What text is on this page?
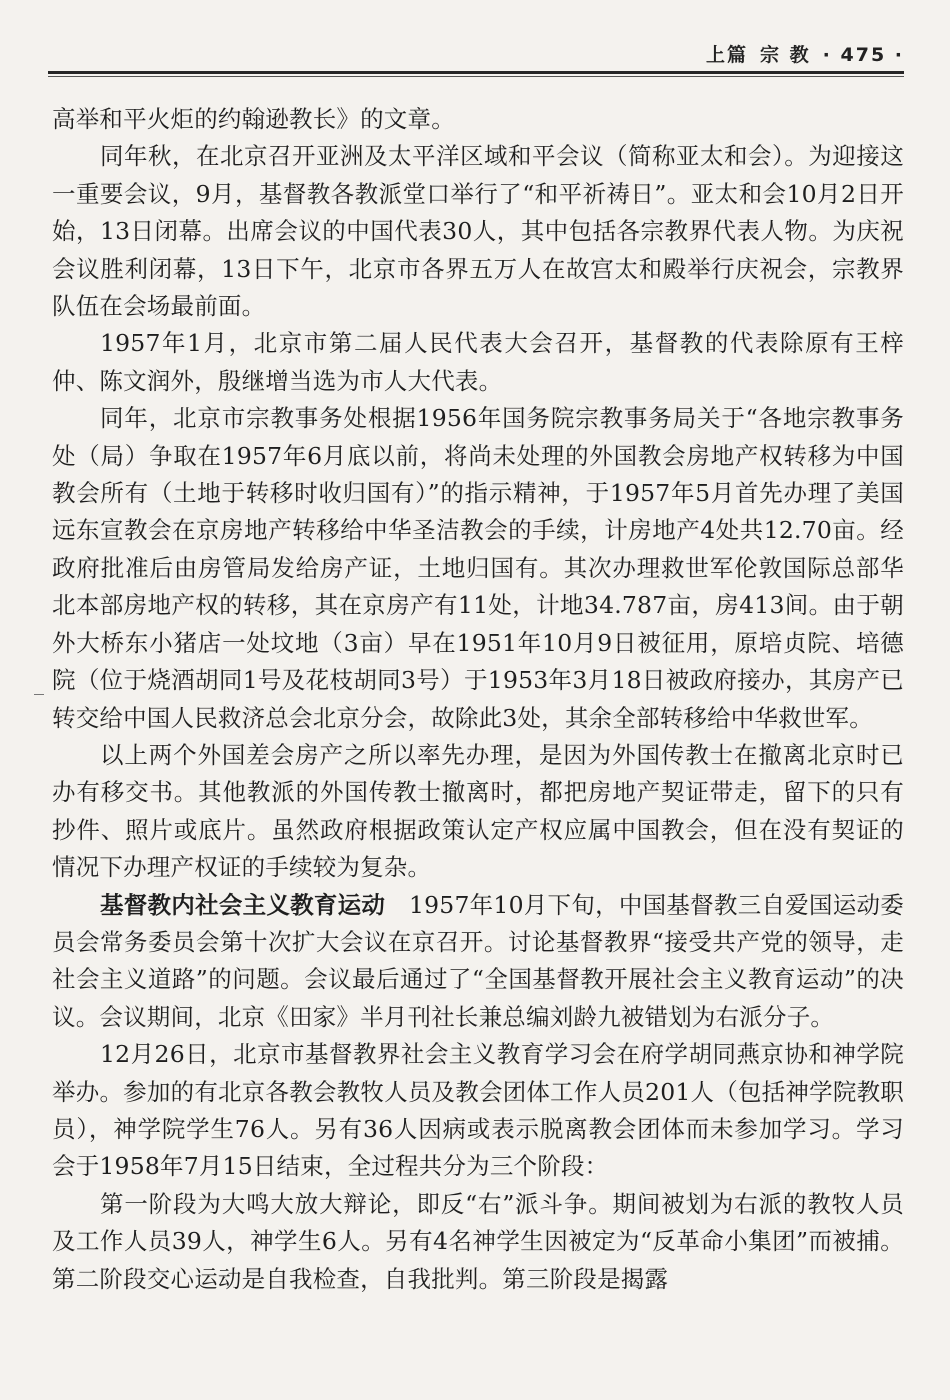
上篇 宗 教 · 475 ·

高举和平火炬的约翰逊教长》的文章。

同年秋，在北京召开亚洲及太平洋区域和平会议（简称亚太和会）。为迎接这一重要会议，9月，基督教各教派堂口举行了“和平祈祷日”。亚太和会10月2日开始，13日闭幕。出席会议的中国代表30人，其中包括各宗教界代表人物。为庆祝会议胜利闭幕，13日下午，北京市各界五万人在故宫太和殿举行庆祝会，宗教界队伍在会场最前面。

1957年1月，北京市第二届人民代表大会召开，基督教的代表除原有王梓仲、陈文润外，殷继增当选为市人大代表。

同年，北京市宗教事务处根据1956年国务院宗教事务局关于“各地宗教事务处（局）争取在1957年6月底以前，将尚未处理的外国教会房地产权转移为中国教会所有（土地于转移时收归国有）”的指示精神，于1957年5月首先办理了美国远东宣教会在京房地产转移给中华圣洁教会的手续，计房地产4处共12.70亩。经政府批准后由房管局发给房产证，土地归国有。其次办理救世军伦敦国际总部华北本部房地产权的转移，其在京房产有11处，计地34.787亩，房413间。由于朝外大桥东小猪店一处坟地（3亩）早在1951年10月9日被征用，原培贞院、培德院（位于烧酒胡同1号及花枝胡同3号）于1953年3月18日被政府接办，其房产已转交给中国人民救济总会北京分会，故除此3处，其余全部转移给中华救世军。

以上两个外国差会房产之所以率先办理，是因为外国传教士在撤离北京时已办有移交书。其他教派的外国传教士撤离时，都把房地产契证带走，留下的只有抄件、照片或底片。虽然政府根据政策认定产权应属中国教会，但在没有契证的情况下办理产权证的手续较为复杂。

基督教内社会主义教育运动　1957年10月下旬，中国基督教三自爱国运动委员会常务委员会第十次扩大会议在京召开。讨论基督教界“接受共产党的领导，走社会主义道路”的问题。会议最后通过了“全国基督教开展社会主义教育运动”的决议。会议期间，北京《田家》半月刊社长兼总编刘龄九被错划为右派分子。

12月26日，北京市基督教界社会主义教育学习会在府学胡同燕京协和神学院举办。参加的有北京各教会教牧人员及教会团体工作人员201人（包括神学院教职员），神学院学生76人。另有36人因病或表示脱离教会团体而未参加学习。学习会于1958年7月15日结束，全过程共分为三个阶段：

第一阶段为大鸣大放大辩论，即反“右”派斗争。期间被划为右派的教牧人员及工作人员39人，神学生6人。另有4名神学生因被定为“反革命小集团”而被捕。第二阶段交心运动是自我检查，自我批判。第三阶段是揭露
